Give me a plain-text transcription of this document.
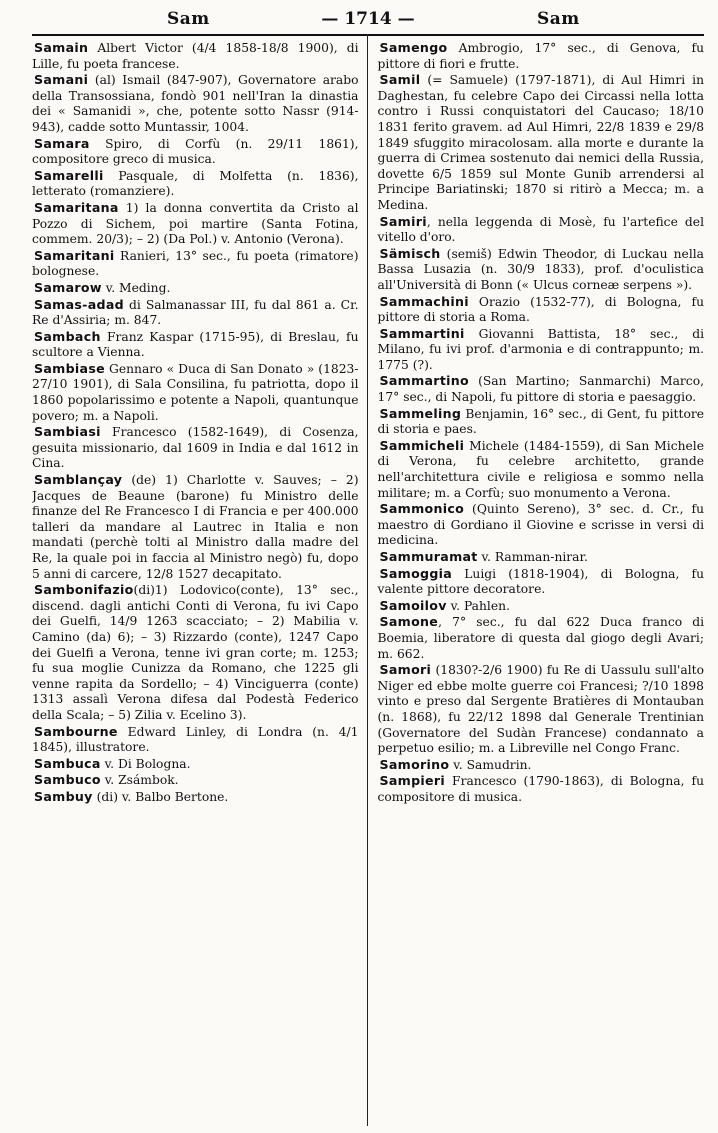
Sam	— 1714 —	Sam

Samain Albert Victor (4/4 1858-18/8 1900), di Lille, fu poeta francese.

Samani (al) Ismail (847-907), Governatore arabo della Transossiana, fondò 901 nell'Iran la dinastia dei « Samanidi », che, potente sotto Nassr (914-943), cadde sotto Muntassir, 1004.

Samara Spiro, di Corfù (n. 29/11 1861), compositore greco di musica.

Samarelli Pasquale, di Molfetta (n. 1836), letterato (romanziere).

Samaritana 1) la donna convertita da Cristo al Pozzo di Sichem, poi martire (Santa Fotina, commem. 20/3); – 2) (Da Pol.) v. Antonio (Verona).

Samaritani Ranieri, 13° sec., fu poeta (rimatore) bolognese.

Samarow v. Meding.

Samas-adad di Salmanassar III, fu dal 861 a. Cr. Re d'Assiria; m. 847.

Sambach Franz Kaspar (1715-95), di Breslau, fu scultore a Vienna.

Sambiase Gennaro « Duca di San Donato » (1823-27/10 1901), di Sala Consilina, fu patriotta, dopo il 1860 popolarissimo e potente a Napoli, quantunque povero; m. a Napoli.

Sambiasi Francesco (1582-1649), di Cosenza, gesuita missionario, dal 1609 in India e dal 1612 in Cina.

Samblançay (de) 1) Charlotte v. Sauves; – 2) Jacques de Beaune (barone) fu Ministro delle finanze del Re Francesco I di Francia e per 400.000 talleri da mandare al Lautrec in Italia e non mandati (perchè tolti al Ministro dalla madre del Re, la quale poi in faccia al Ministro negò) fu, dopo 5 anni di carcere, 12/8 1527 decapitato.

Sambonifazio(di)1) Lodovico(conte), 13° sec., discend. dagli antichi Conti di Verona, fu ivi Capo dei Guelfi, 14/9 1263 scacciato; – 2) Mabilia v. Camino (da) 6); – 3) Rizzardo (conte), 1247 Capo dei Guelfi a Verona, tenne ivi gran corte; m. 1253; fu sua moglie Cunizza da Romano, che 1225 gli venne rapita da Sordello; – 4) Vinciguerra (conte) 1313 assalì Verona difesa dal Podestà Federico della Scala; – 5) Zilia v. Ecelino 3).

Sambourne Edward Linley, di Londra (n. 4/1 1845), illustratore.

Sambuca v. Di Bologna.

Sambuco v. Zsámbok.

Sambuy (di) v. Balbo Bertone.

Samengo Ambrogio, 17° sec., di Genova, fu pittore di fiori e frutte.

Samil (= Samuele) (1797-1871), di Aul Himri in Daghestan, fu celebre Capo dei Circassi nella lotta contro i Russi conquistatori del Caucaso; 18/10 1831 ferito gravem. ad Aul Himri, 22/8 1839 e 29/8 1849 sfuggito miracolosam. alla morte e durante la guerra di Crimea sostenuto dai nemici della Russia, dovette 6/5 1859 sul Monte Gunib arrendersi al Principe Bariatinski; 1870 si ritirò a Mecca; m. a Medina.

Samiri, nella leggenda di Mosè, fu l'artefice del vitello d'oro.

Sämisch (semiš) Edwin Theodor, di Luckau nella Bassa Lusazia (n. 30/9 1833), prof. d'oculistica all'Università di Bonn (« Ulcus corneæ serpens »).

Sammachini Orazio (1532-77), di Bologna, fu pittore di storia a Roma.

Sammartini Giovanni Battista, 18° sec., di Milano, fu ivi prof. d'armonia e di contrappunto; m. 1775 (?).

Sammartino (San Martino; Sanmarchi) Marco, 17° sec., di Napoli, fu pittore di storia e paesaggio.

Sammeling Benjamin, 16° sec., di Gent, fu pittore di storia e paes.

Sammicheli Michele (1484-1559), di San Michele di Verona, fu celebre architetto, grande nell'architettura civile e religiosa e sommo nella militare; m. a Corfù; suo monumento a Verona.

Sammonico (Quinto Sereno), 3° sec. d. Cr., fu maestro di Gordiano il Giovine e scrisse in versi di medicina.

Sammuramat v. Ramman-nirar.

Samoggia Luigi (1818-1904), di Bologna, fu valente pittore decoratore.

Samoilov v. Pahlen.

Samone, 7° sec., fu dal 622 Duca franco di Boemia, liberatore di questa dal giogo degli Avari; m. 662.

Samori (1830?-2/6 1900) fu Re di Uassulu sull'alto Niger ed ebbe molte guerre coi Francesi; ?/10 1898 vinto e preso dal Sergente Bratières di Montauban (n. 1868), fu 22/12 1898 dal Generale Trentinian (Governatore del Sudàn Francese) condannato a perpetuo esilio; m. a Libreville nel Congo Franc.

Samorino v. Samudrin.

Sampieri Francesco (1790-1863), di Bologna, fu compositore di musica.
